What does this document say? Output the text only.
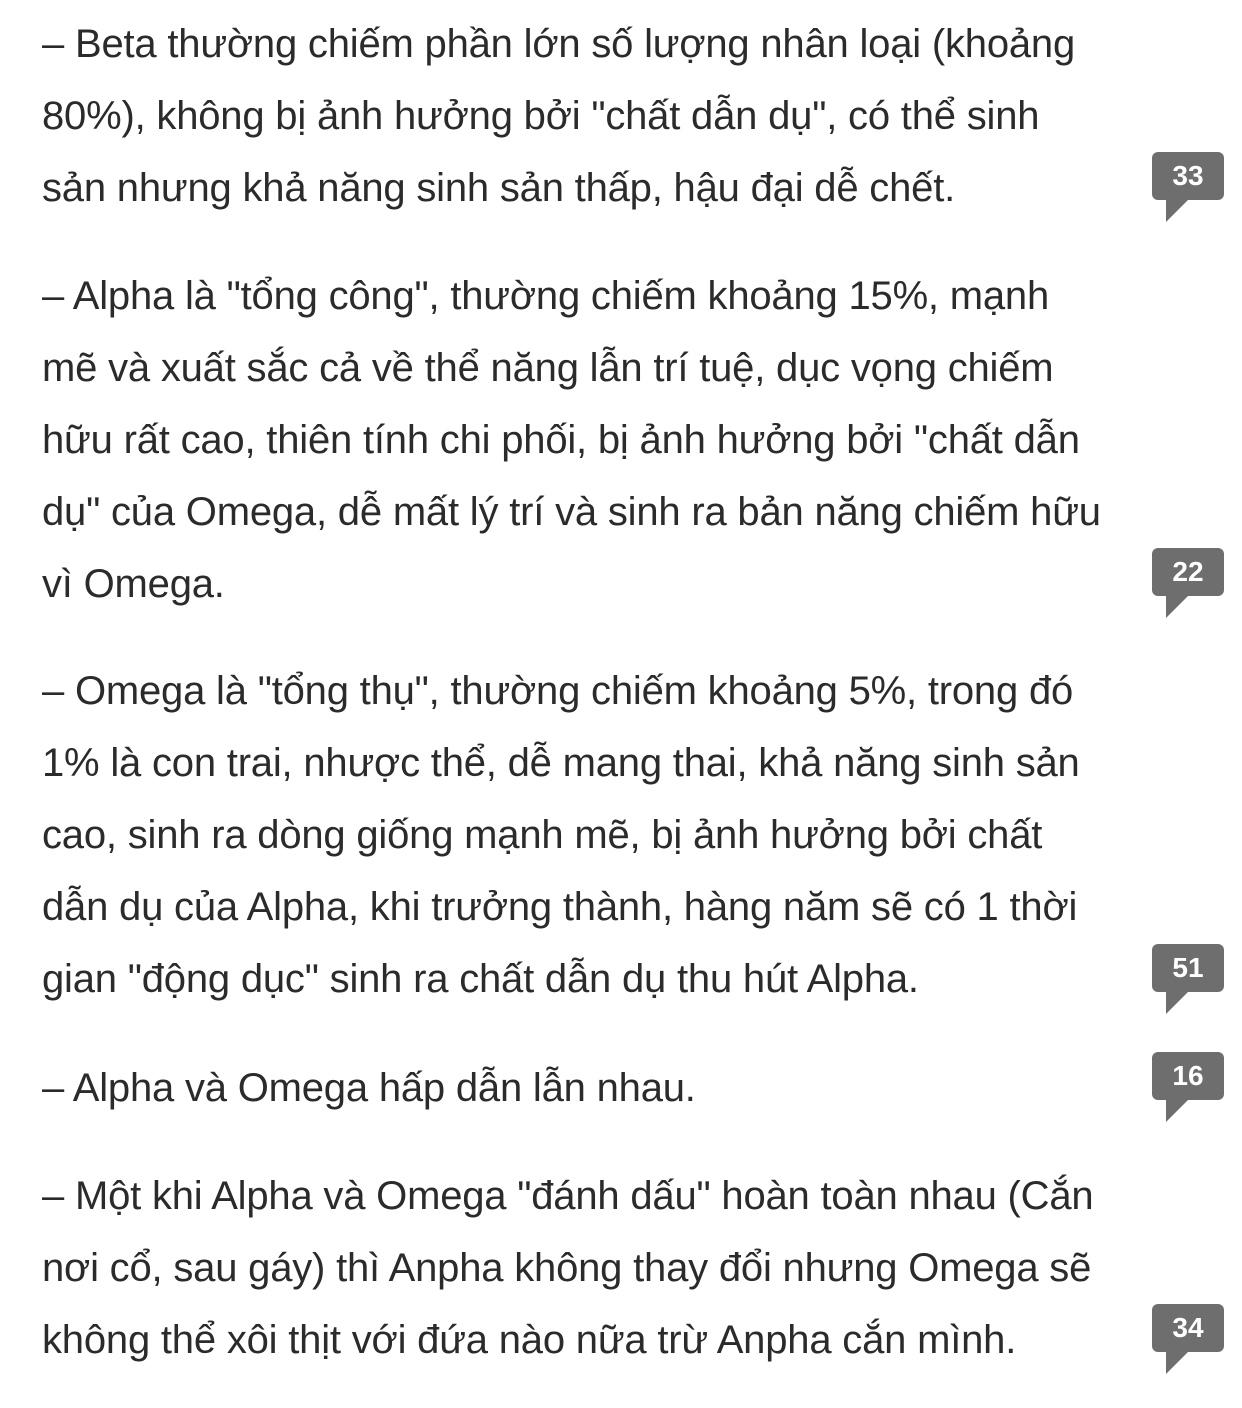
– Beta thường chiếm phần lớn số lượng nhân loại (khoảng
80%), không bị ảnh hưởng bởi "chất dẫn dụ", có thể sinh
sản nhưng khả năng sinh sản thấp, hậu đại dễ chết.	33

– Alpha là "tổng công", thường chiếm khoảng 15%, mạnh
mẽ và xuất sắc cả về thể năng lẫn trí tuệ, dục vọng chiếm
hữu rất cao, thiên tính chi phối, bị ảnh hưởng bởi "chất dẫn
dụ" của Omega, dễ mất lý trí và sinh ra bản năng chiếm hữu
vì Omega.	22

– Omega là "tổng thụ", thường chiếm khoảng 5%, trong đó
1% là con trai, nhược thể, dễ mang thai, khả năng sinh sản
cao, sinh ra dòng giống mạnh mẽ, bị ảnh hưởng bởi chất
dẫn dụ của Alpha, khi trưởng thành, hàng năm sẽ có 1 thời
gian "động dục" sinh ra chất dẫn dụ thu hút Alpha.	51

– Alpha và Omega hấp dẫn lẫn nhau.	16

– Một khi Alpha và Omega "đánh dấu" hoàn toàn nhau (Cắn
nơi cổ, sau gáy) thì Anpha không thay đổi nhưng Omega sẽ
không thể xôi thịt với đứa nào nữa trừ Anpha cắn mình.	34
